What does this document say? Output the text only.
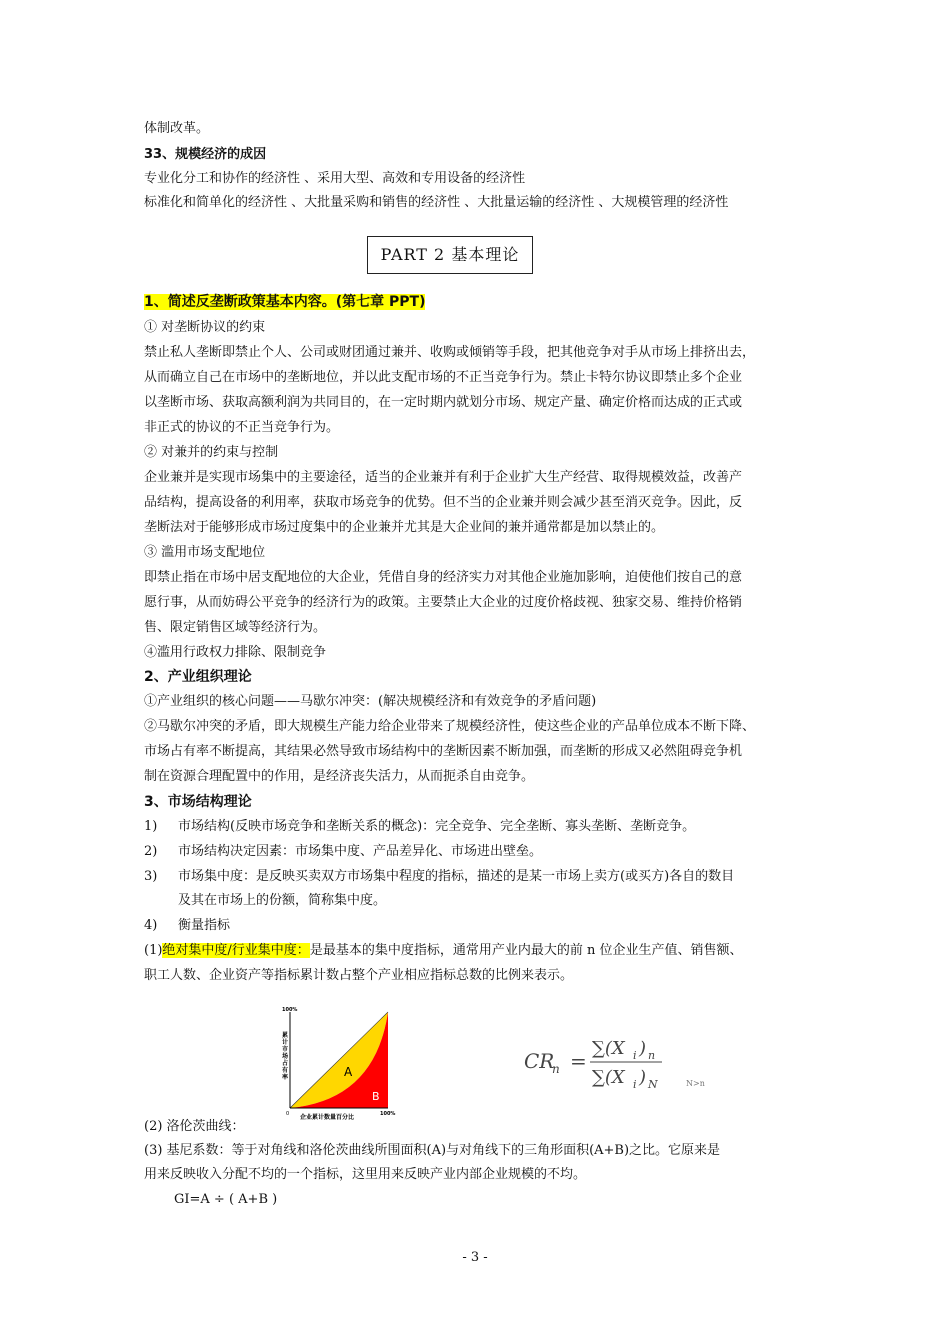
体制改革。
33、规模经济的成因
专业化分工和协作的经济性 、采用大型、高效和专用设备的经济性
标准化和简单化的经济性 、大批量采购和销售的经济性 、大批量运输的经济性 、大规模管理的经济性
PART 2 基本理论
1、简述反垄断政策基本内容。(第七章 PPT)
① 对垄断协议的约束
禁止私人垄断即禁止个人、公司或财团通过兼并、收购或倾销等手段，把其他竞争对手从市场上排挤出去，
从而确立自己在市场中的垄断地位，并以此支配市场的不正当竞争行为。禁止卡特尔协议即禁止多个企业
以垄断市场、获取高额利润为共同目的，在一定时期内就划分市场、规定产量、确定价格而达成的正式或
非正式的协议的不正当竞争行为。
② 对兼并的约束与控制
企业兼并是实现市场集中的主要途径，适当的企业兼并有利于企业扩大生产经营、取得规模效益，改善产
品结构，提高设备的利用率，获取市场竞争的优势。但不当的企业兼并则会减少甚至消灭竞争。因此，反
垄断法对于能够形成市场过度集中的企业兼并尤其是大企业间的兼并通常都是加以禁止的。
③ 滥用市场支配地位
即禁止指在市场中居支配地位的大企业，凭借自身的经济实力对其他企业施加影响，迫使他们按自己的意
愿行事，从而妨碍公平竞争的经济行为的政策。主要禁止大企业的过度价格歧视、独家交易、维持价格销
售、限定销售区域等经济行为。
④滥用行政权力排除、限制竞争
2、产业组织理论
①产业组织的核心问题——马歇尔冲突：(解决规模经济和有效竞争的矛盾问题)
②马歇尔冲突的矛盾，即大规模生产能力给企业带来了规模经济性，使这些企业的产品单位成本不断下降、
市场占有率不断提高，其结果必然导致市场结构中的垄断因素不断加强，而垄断的形成又必然阻碍竞争机
制在资源合理配置中的作用，是经济丧失活力，从而扼杀自由竞争。
3、市场结构理论
1) 市场结构(反映市场竞争和垄断关系的概念)：完全竞争、完全垄断、寡头垄断、垄断竞争。
2) 市场结构决定因素：市场集中度、产品差异化、市场进出壁垒。
3) 市场集中度：是反映买卖双方市场集中程度的指标，描述的是某一市场上卖方(或买方)各自的数目
及其在市场上的份额，简称集中度。
4) 衡量指标
(1)绝对集中度/行业集中度：是最基本的集中度指标，通常用产业内最大的前 n 位企业生产值、销售额、
职工人数、企业资产等指标累计数占整个产业相应指标总数的比例来表示。
100%
0 企业累计数量百分比	100%
A
B
累
计
市
场
占
有
率
CR
n =
∑(X i ) n
∑(X i ) N	N>n
(2) 洛伦茨曲线：
(3) 基尼系数：等于对角线和洛伦茨曲线所围面积(A)与对角线下的三角形面积(A+B)之比。它原来是
用来反映收入分配不均的一个指标，这里用来反映产业内部企业规模的不均。
GI=A ÷ ( A+B )
- 3 -
